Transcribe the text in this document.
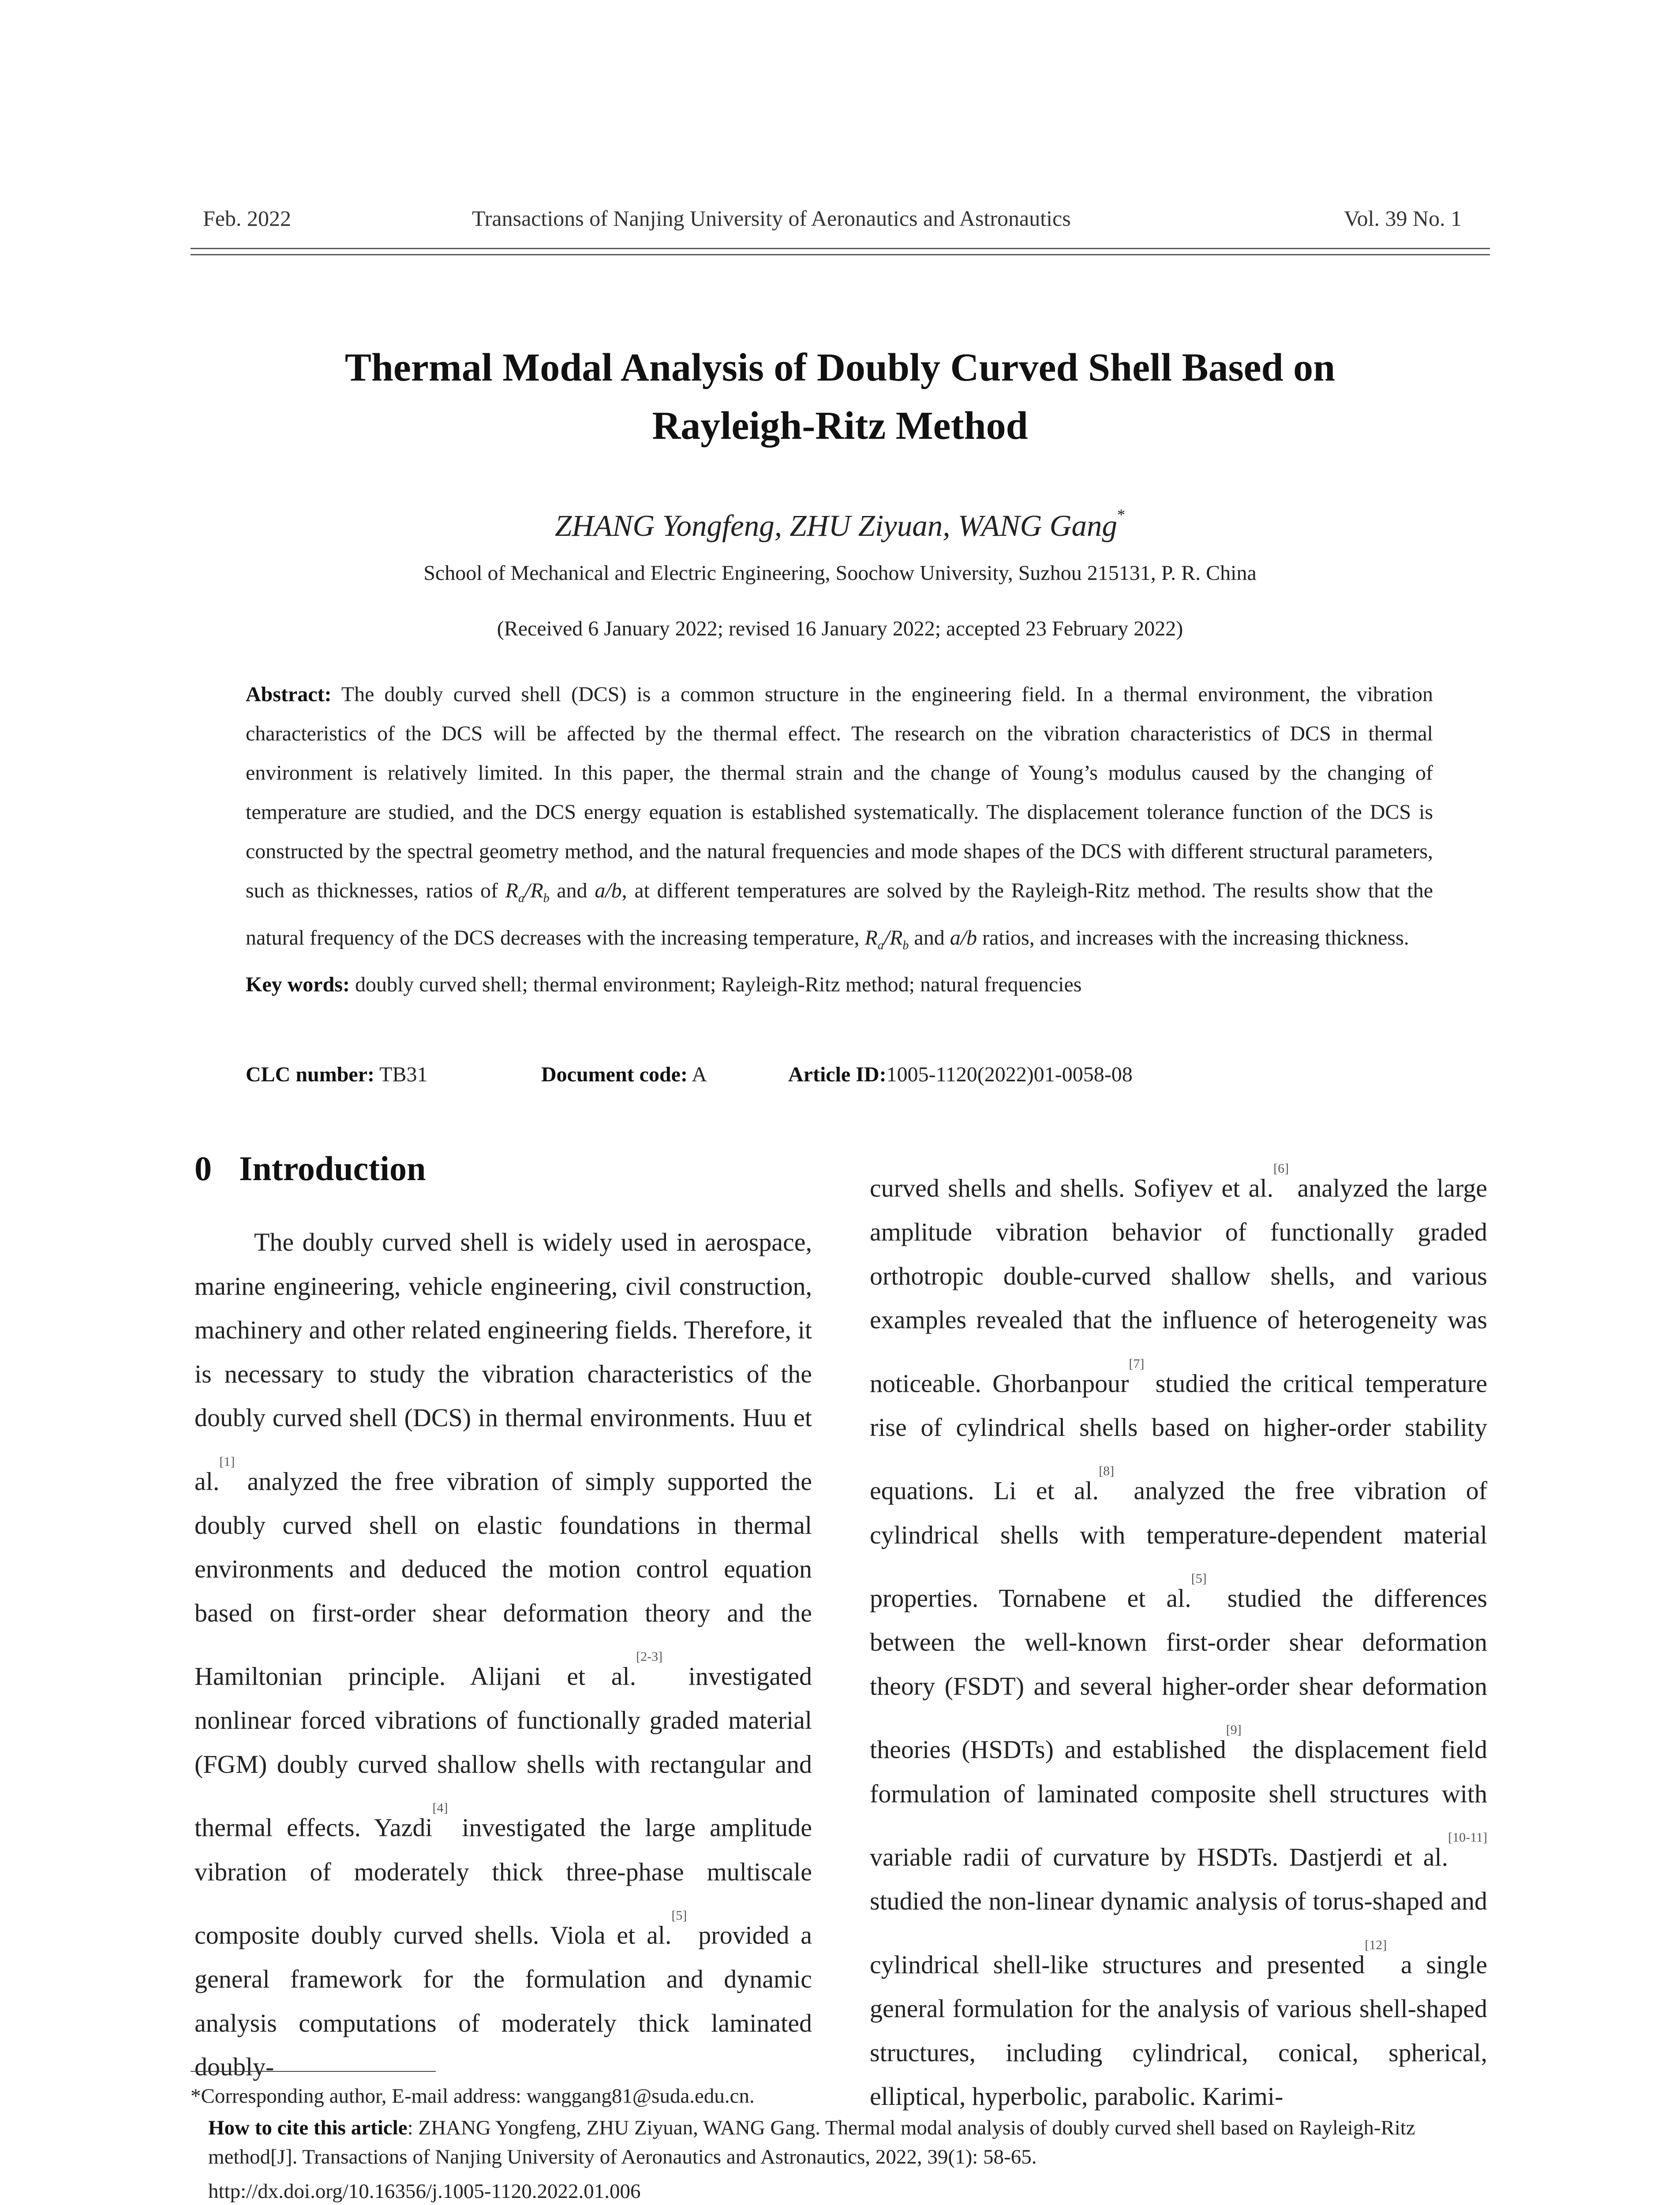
Feb. 2022	Transactions of Nanjing University of Aeronautics and Astronautics	Vol. 39 No. 1
Thermal Modal Analysis of Doubly Curved Shell Based on
Rayleigh-Ritz Method
ZHANG Yongfeng, ZHU Ziyuan, WANG Gang*
School of Mechanical and Electric Engineering, Soochow University, Suzhou 215131, P. R. China
(Received 6 January 2022; revised 16 January 2022; accepted 23 February 2022)

Abstract: The doubly curved shell (DCS) is a common structure in the engineering field. In a thermal environment, the vibration characteristics of the DCS will be affected by the thermal effect. The research on the vibration characteristics of DCS in thermal environment is relatively limited. In this paper, the thermal strain and the change of Young’s modulus caused by the changing of temperature are studied, and the DCS energy equation is established systematically. The displacement tolerance function of the DCS is constructed by the spectral geometry method, and the natural frequencies and mode shapes of the DCS with different structural parameters, such as thicknesses, ratios of $R_a/R_b$ and a/b, at different temperatures are solved by the Rayleigh-Ritz method. The results show that the natural frequency of the DCS decreases with the increasing temperature, $R_a/R_b$ and a/b ratios, and increases with the increasing thickness.

Key words: doubly curved shell; thermal environment; Rayleigh-Ritz method; natural frequencies

CLC number: TB31	Document code: A	Article ID:1005-1120(2022)01-0058-08
0 Introduction

The doubly curved shell is widely used in aerospace, marine engineering, vehicle engineering, civil construction, machinery and other related engineering fields. Therefore, it is necessary to study the vibration characteristics of the doubly curved shell (DCS) in thermal environments. Huu et al.[1] analyzed the free vibration of simply supported the doubly curved shell on elastic foundations in thermal environments and deduced the motion control equation based on first-order shear deformation theory and the Hamiltonian principle. Alijani et al.[2-3] investigated nonlinear forced vibrations of functionally graded material (FGM) doubly curved shallow shells with rectangular and thermal effects. Yazdi[4] investigated the large amplitude vibration of moderately thick three-phase multiscale composite doubly curved shells. Viola et al.[5] provided a general framework for the formulation and dynamic analysis computations of moderately thick laminated doubly-

curved shells and shells. Sofiyev et al.[6] analyzed the large amplitude vibration behavior of functionally graded orthotropic double-curved shallow shells, and various examples revealed that the influence of heterogeneity was noticeable. Ghorbanpour[7] studied the critical temperature rise of cylindrical shells based on higher-order stability equations. Li et al.[8] analyzed the free vibration of cylindrical shells with temperature-dependent material properties. Tornabene et al.[5] studied the differences between the well-known first-order shear deformation theory (FSDT) and several higher-order shear deformation theories (HSDTs) and established[9] the displacement field formulation of laminated composite shell structures with variable radii of curvature by HSDTs. Dastjerdi et al.[10-11] studied the non-linear dynamic analysis of torus-shaped and cylindrical shell-like structures and presented[12] a single general formulation for the analysis of various shell-shaped structures, including cylindrical, conical, spherical, elliptical, hyperbolic, parabolic. Karimi-

*Corresponding author, E-mail address: wanggang81@suda.edu.cn.

How to cite this article: ZHANG Yongfeng, ZHU Ziyuan, WANG Gang. Thermal modal analysis of doubly curved shell based on Rayleigh-Ritz method[J]. Transactions of Nanjing University of Aeronautics and Astronautics, 2022, 39(1): 58-65.

http://dx.doi.org/10.16356/j.1005-1120.2022.01.006
